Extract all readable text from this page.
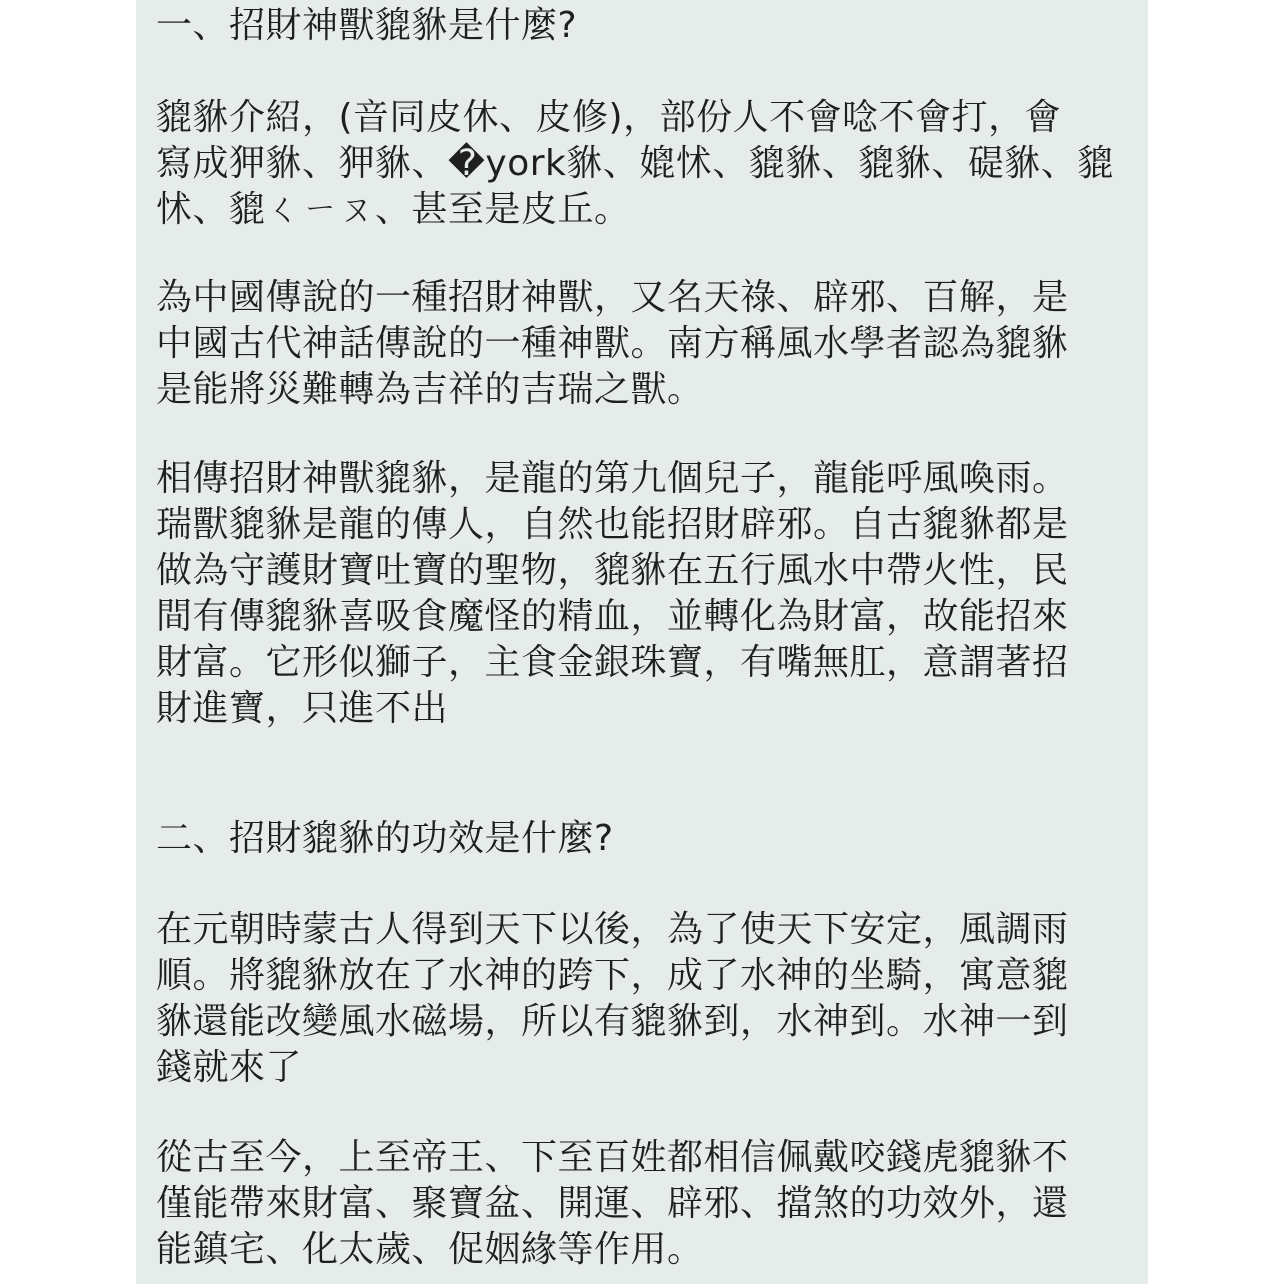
一、招財神獸貔貅是什麼?

貔貅介紹，(音同皮休、皮修)，部份人不會唸不會打，會
寫成狎貅、狎貅、�york貅、媲怵、貔貅、貔貅、碮貅、貔
怵、貔ㄑㄧㄡ、甚至是皮丘。

為中國傳說的一種招財神獸，又名天祿、辟邪、百解，是
中國古代神話傳說的一種神獸。南方稱風水學者認為貔貅
是能將災難轉為吉祥的吉瑞之獸。

相傳招財神獸貔貅，是龍的第九個兒子，龍能呼風喚雨。
瑞獸貔貅是龍的傳人，自然也能招財辟邪。自古貔貅都是
做為守護財寶吐寶的聖物，貔貅在五行風水中帶火性，民
間有傳貔貅喜吸食魔怪的精血，並轉化為財富，故能招來
財富。它形似獅子，主食金銀珠寶，有嘴無肛，意謂著招
財進寶，只進不出

二、招財貔貅的功效是什麼?

在元朝時蒙古人得到天下以後，為了使天下安定，風調雨
順。將貔貅放在了水神的跨下，成了水神的坐騎，寓意貔
貅還能改變風水磁場，所以有貔貅到，水神到。水神一到
錢就來了

從古至今，上至帝王、下至百姓都相信佩戴咬錢虎貔貅不
僅能帶來財富、聚寶盆、開運、辟邪、擋煞的功效外，還
能鎮宅、化太歲、促姻緣等作用。
